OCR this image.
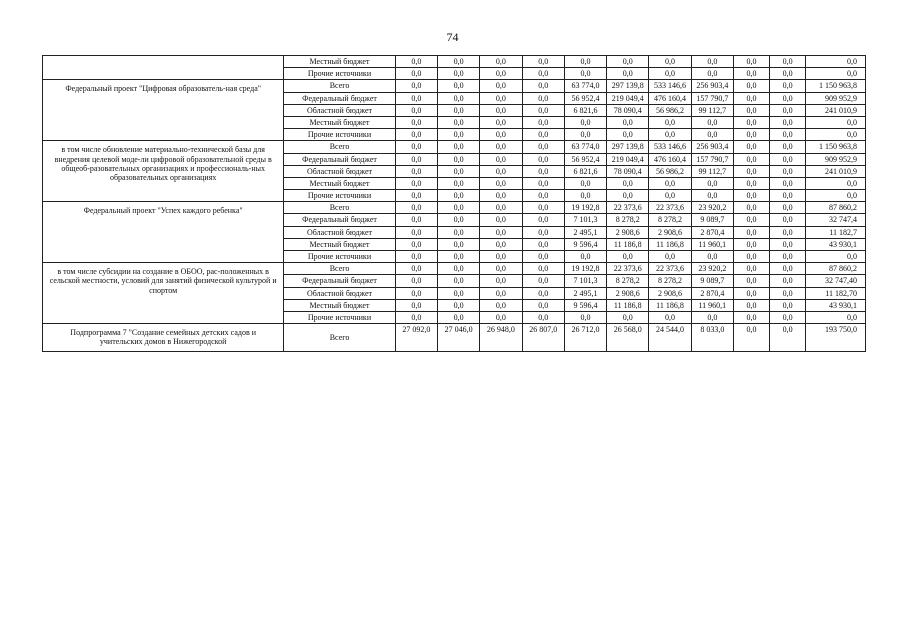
74
	Местный бюджет	0,0	0,0	0,0	0,0	0,0	0,0	0,0	0,0	0,0	0,0	0,0
	Прочие источники	0,0	0,0	0,0	0,0	0,0	0,0	0,0	0,0	0,0	0,0	0,0
Федеральный проект "Цифровая образователь-ная среда"	Всего	0,0	0,0	0,0	0,0	63 774,0	297 139,8	533 146,6	256 903,4	0,0	0,0	1 150 963,8
	Федеральный бюджет	0,0	0,0	0,0	0,0	56 952,4	219 049,4	476 160,4	157 790,7	0,0	0,0	909 952,9
	Областной бюджет	0,0	0,0	0,0	0,0	6 821,6	78 090,4	56 986,2	99 112,7	0,0	0,0	241 010,9
	Местный бюджет	0,0	0,0	0,0	0,0	0,0	0,0	0,0	0,0	0,0	0,0	0,0
	Прочие источники	0,0	0,0	0,0	0,0	0,0	0,0	0,0	0,0	0,0	0,0	0,0
в том числе обновление материально-технической базы для внедрения целевой моде-ли цифровой образовательной среды в общеоб-разовательных организациях и профессиональ-ных образовательных организациях	Всего	0,0	0,0	0,0	0,0	63 774,0	297 139,8	533 146,6	256 903,4	0,0	0,0	1 150 963,8
	Федеральный бюджет	0,0	0,0	0,0	0,0	56 952,4	219 049,4	476 160,4	157 790,7	0,0	0,0	909 952,9
	Областной бюджет	0,0	0,0	0,0	0,0	6 821,6	78 090,4	56 986,2	99 112,7	0,0	0,0	241 010,9
	Местный бюджет	0,0	0,0	0,0	0,0	0,0	0,0	0,0	0,0	0,0	0,0	0,0
	Прочие источники	0,0	0,0	0,0	0,0	0,0	0,0	0,0	0,0	0,0	0,0	0,0
Федеральный проект "Успех каждого ребенка"	Всего	0,0	0,0	0,0	0,0	19 192,8	22 373,6	22 373,6	23 920,2	0,0	0,0	87 860,2
	Федеральный бюджет	0,0	0,0	0,0	0,0	7 101,3	8 278,2	8 278,2	9 089,7	0,0	0,0	32 747,4
	Областной бюджет	0,0	0,0	0,0	0,0	2 495,1	2 908,6	2 908,6	2 870,4	0,0	0,0	11 182,7
	Местный бюджет	0,0	0,0	0,0	0,0	9 596,4	11 186,8	11 186,8	11 960,1	0,0	0,0	43 930,1
	Прочие источники	0,0	0,0	0,0	0,0	0,0	0,0	0,0	0,0	0,0	0,0	0,0
в том числе субсидии на создание в ОБОО, рас-положенных в сельской местности, условий для занятий физической культурой и спортом	Всего	0,0	0,0	0,0	0,0	19 192,8	22 373,6	22 373,6	23 920,2	0,0	0,0	87 860,2
	Федеральный бюджет	0,0	0,0	0,0	0,0	7 101,3	8 278,2	8 278,2	9 089,7	0,0	0,0	32 747,40
	Областной бюджет	0,0	0,0	0,0	0,0	2 495,1	2 908,6	2 908,6	2 870,4	0,0	0,0	11 182,70
	Местный бюджет	0,0	0,0	0,0	0,0	9 596,4	11 186,8	11 186,8	11 960,1	0,0	0,0	43 930,1
	Прочие источники	0,0	0,0	0,0	0,0	0,0	0,0	0,0	0,0	0,0	0,0	0,0
Подпрограмма 7 "Создание семейных детских садов и учительских домов в Нижегородской	Всего	27 092,0	27 046,0	26 948,0	26 807,0	26 712,0	26 568,0	24 544,0	8 033,0	0,0	0,0	193 750,0
